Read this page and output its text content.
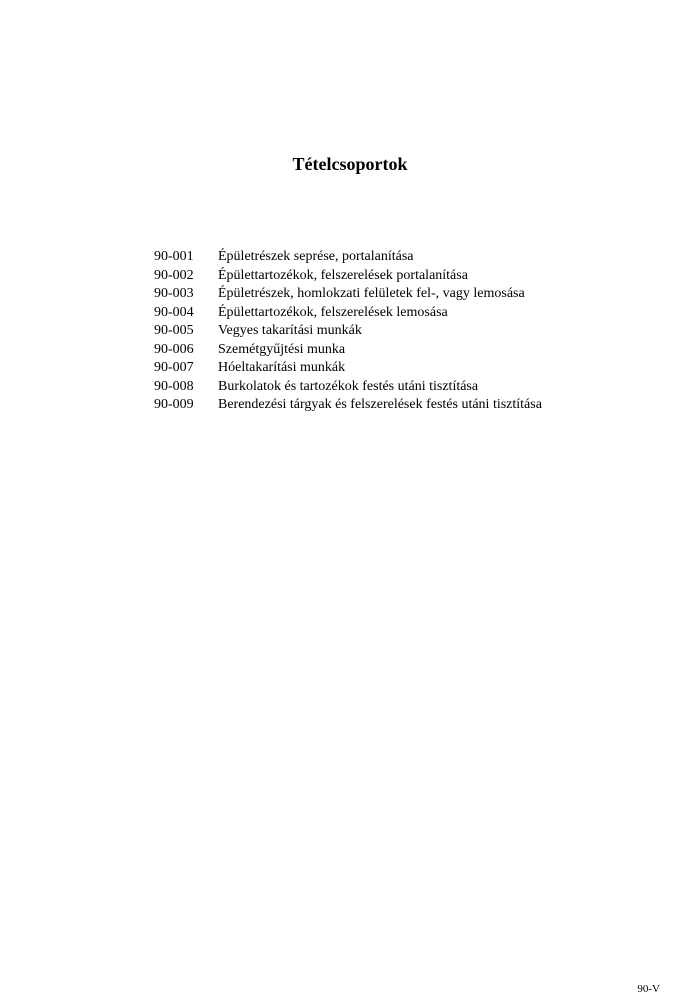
Tételcsoportok
90-001	Épületrészek seprése, portalanítása
90-002	Épülettartozékok, felszerelések portalanítása
90-003	Épületrészek, homlokzati felületek fel-, vagy lemosása
90-004	Épülettartozékok, felszerelések lemosása
90-005	Vegyes takarítási munkák
90-006	Szemétgyűjtési munka
90-007	Hóeltakarítási munkák
90-008	Burkolatok és tartozékok festés utáni tisztítása
90-009	Berendezési tárgyak és felszerelések festés utáni tisztítása
90-V
